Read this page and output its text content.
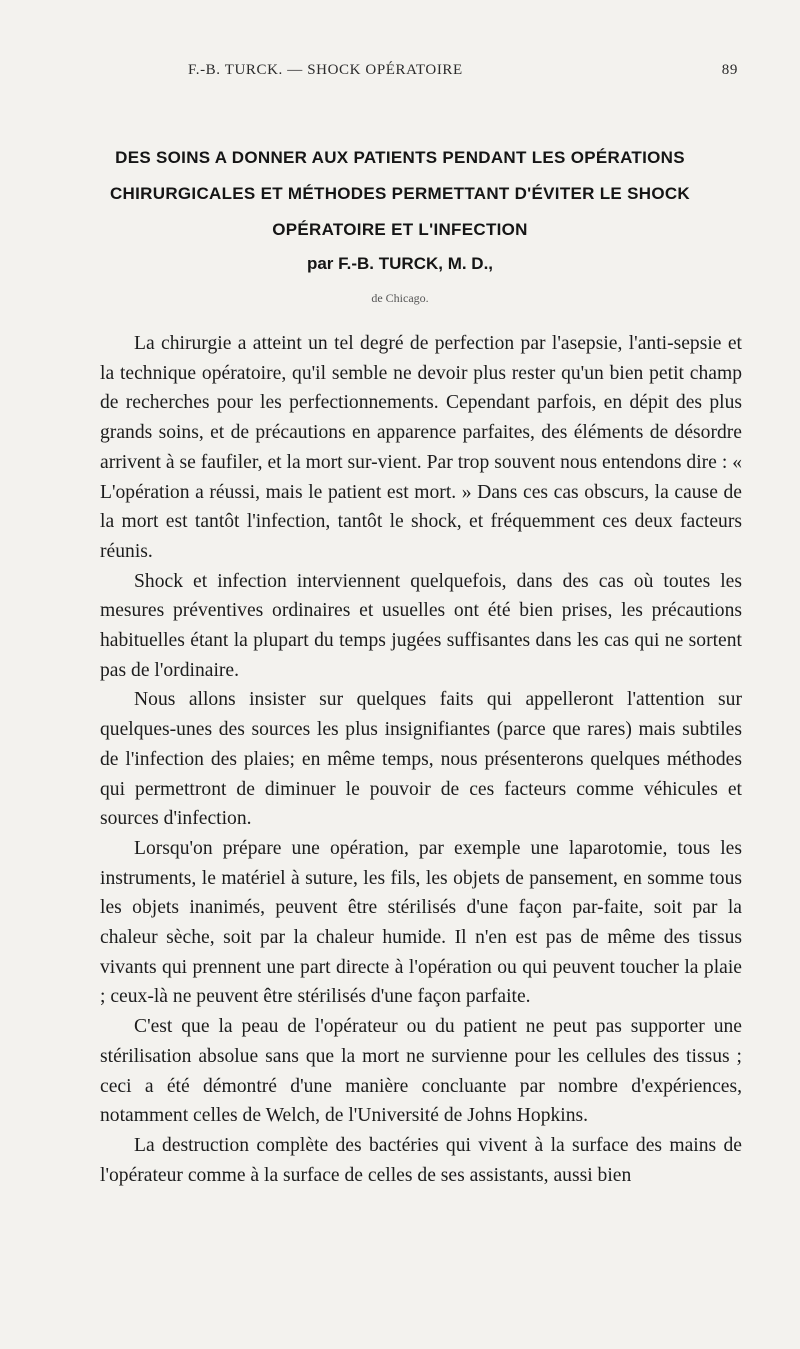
F.-B. TURCK. — SHOCK OPÉRATOIRE	89
DES SOINS A DONNER AUX PATIENTS PENDANT LES OPÉRATIONS
CHIRURGICALES ET MÉTHODES PERMETTANT D'ÉVITER LE SHOCK
OPÉRATOIRE ET L'INFECTION
par F.-B. TURCK, M. D.,
de Chicago.

La chirurgie a atteint un tel degré de perfection par l'asepsie, l'anti-sepsie et la technique opératoire, qu'il semble ne devoir plus rester qu'un bien petit champ de recherches pour les perfectionnements. Cependant parfois, en dépit des plus grands soins, et de précautions en apparence parfaites, des éléments de désordre arrivent à se faufiler, et la mort sur-vient. Par trop souvent nous entendons dire : « L'opération a réussi, mais le patient est mort. » Dans ces cas obscurs, la cause de la mort est tantôt l'infection, tantôt le shock, et fréquemment ces deux facteurs réunis.

Shock et infection interviennent quelquefois, dans des cas où toutes les mesures préventives ordinaires et usuelles ont été bien prises, les précautions habituelles étant la plupart du temps jugées suffisantes dans les cas qui ne sortent pas de l'ordinaire.

Nous allons insister sur quelques faits qui appelleront l'attention sur quelques-unes des sources les plus insignifiantes (parce que rares) mais subtiles de l'infection des plaies; en même temps, nous présenterons quelques méthodes qui permettront de diminuer le pouvoir de ces facteurs comme véhicules et sources d'infection.

Lorsqu'on prépare une opération, par exemple une laparotomie, tous les instruments, le matériel à suture, les fils, les objets de pansement, en somme tous les objets inanimés, peuvent être stérilisés d'une façon par-faite, soit par la chaleur sèche, soit par la chaleur humide. Il n'en est pas de même des tissus vivants qui prennent une part directe à l'opération ou qui peuvent toucher la plaie ; ceux-là ne peuvent être stérilisés d'une façon parfaite.

C'est que la peau de l'opérateur ou du patient ne peut pas supporter une stérilisation absolue sans que la mort ne survienne pour les cellules des tissus ; ceci a été démontré d'une manière concluante par nombre d'expériences, notamment celles de Welch, de l'Université de Johns Hopkins.

La destruction complète des bactéries qui vivent à la surface des mains de l'opérateur comme à la surface de celles de ses assistants, aussi bien
